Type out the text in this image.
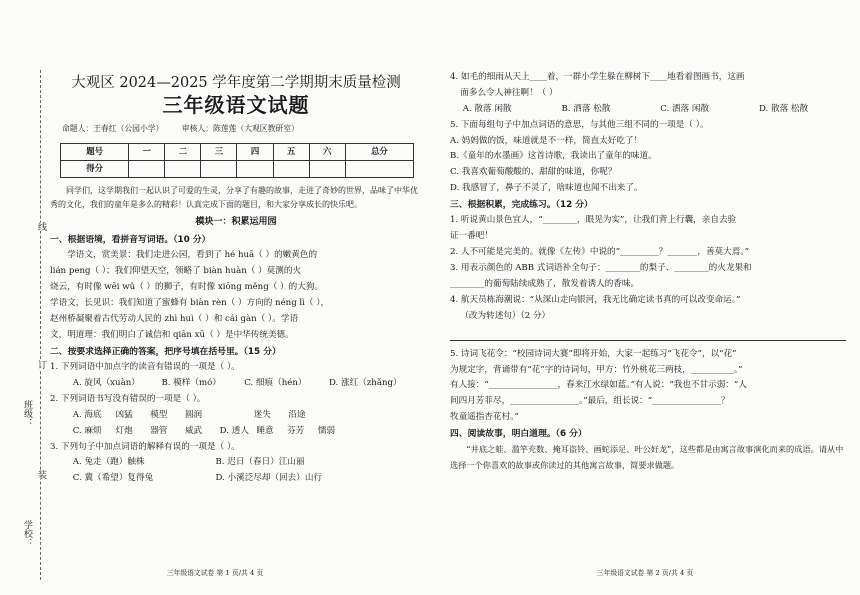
线
订
装
班级：
学校：
大观区 2024—2025 学年度第二学期期末质量检测
三年级语文试题
命题人：王春红（公园小学） 审核人：陈莲莲（大观区教研室）
题号	一	二	三	四	五	六	总分
得分							

同学们，这学期我们一起认识了可爱的生灵，分享了有趣的故事，走进了奇妙的世界，品味了中华优秀的文化，我们的童年是多么的精彩！认真完成下面的题目，和大家分享成长的快乐吧。

模块一：积累运用园
一、根据语境，看拼音写词语。（10 分）
学语文，赏美景：我们走进公园，看到了 hé huā（ ）的嫩黄色的
lián peng（ ）；我们仰望天空，领略了 biàn huàn（ ）莫测的火
烧云，有时像 wēi wǔ（ ）的狮子，有时像 xiōng měng（ ）的大狗。
学语文，长见识：我们知道了蜜蜂有 biàn rèn（ ）方向的 néng lì（ ），
赵州桥凝聚着古代劳动人民的 zhì huì（ ）和 cái gàn（ ）。学语
文，明道理：我们明白了诚信和 qiān xū（ ）是中华传统美德。
二、按要求选择正确的答案，把序号填在括号里。（15 分）
1. 下列词语中加点字的读音有错误的一项是（ ）。
A. 旋风（xuàn）	B. 模样（mó）	C. 细痕（hén）	D. 涨红（zhǎng）
2. 下列词语书写没有错误的一项是（ ）。
A. 海底 凶猛 模型 圆润	迷失 沿途
C. 麻烦 灯炮 器管 威武 D. 透人 睡意 芬芳 懦弱
3. 下列句子中加点词语的解释有误的一项是（ ）。
A. 兔走（跑）触株	B. 迟日（春日）江山丽
C. 冀（希望）复得兔	D. 小溪泛尽却（回去）山行
三年级语文试卷 第 1 页/共 4 页
4. 如毛的细雨从天上____着，一群小学生躲在柳树下____地看着图画书，这画
面多么令人神往啊！（ ）
A. 散落 闲散	B. 洒落 松散	C. 洒落 闲散	D. 散落 松散
5. 下面每组句子中加点词语的意思，与其他三组不同的一项是（ ）。
A. 妈妈做的饭，味道就是不一样，简直太好吃了！
B.《童年的水墨画》这首诗歌，我读出了童年的味道。
C. 我喜欢葡萄酸酸的、甜甜的味道，你呢？
D. 我感冒了，鼻子不灵了，啥味道也闻不出来了。
三、根据积累，完成练习。（12 分）
1. 听说黄山景色宜人，“________，眼见为实”，让我们背上行囊，亲自去验
证一番吧！
2. 人不可能是完美的。就像《左传》中说的“_________？_______，善莫大焉。”
3. 用表示颜色的 ABB 式词语补全句子：________的梨子、________的火龙果和
________的葡萄陆续成熟了，散发着诱人的香味。
4. 航天员栋海潮说：“从深山走向银河，我无比确定读书真的可以改变命运。”
（改为转述句）（2 分）
5. 诗词飞花令：“校园诗词大赛”即将开始，大家一起练习“飞花令”，以“花”
为规定字，背诵带有“花”字的诗词句，甲方：竹外桃花三两枝，__________。”
有人接：“________________，春来江水绿如蓝。”有人说：“我也不甘示弱：“人
间四月芳菲尽，________________。”最后，组长说：“________________？
牧童遥指杏花村。”
四、阅读故事，明白道理。（6 分）

“井底之蛙、滥竽充数、掩耳盗铃、画蛇添足、叶公好龙”，这些都是由寓言故事演化而来的成语。请从中选择一个你喜欢的故事或你读过的其他寓言故事，简要求做题。

三年级语文试卷 第 2 页/共 4 页
